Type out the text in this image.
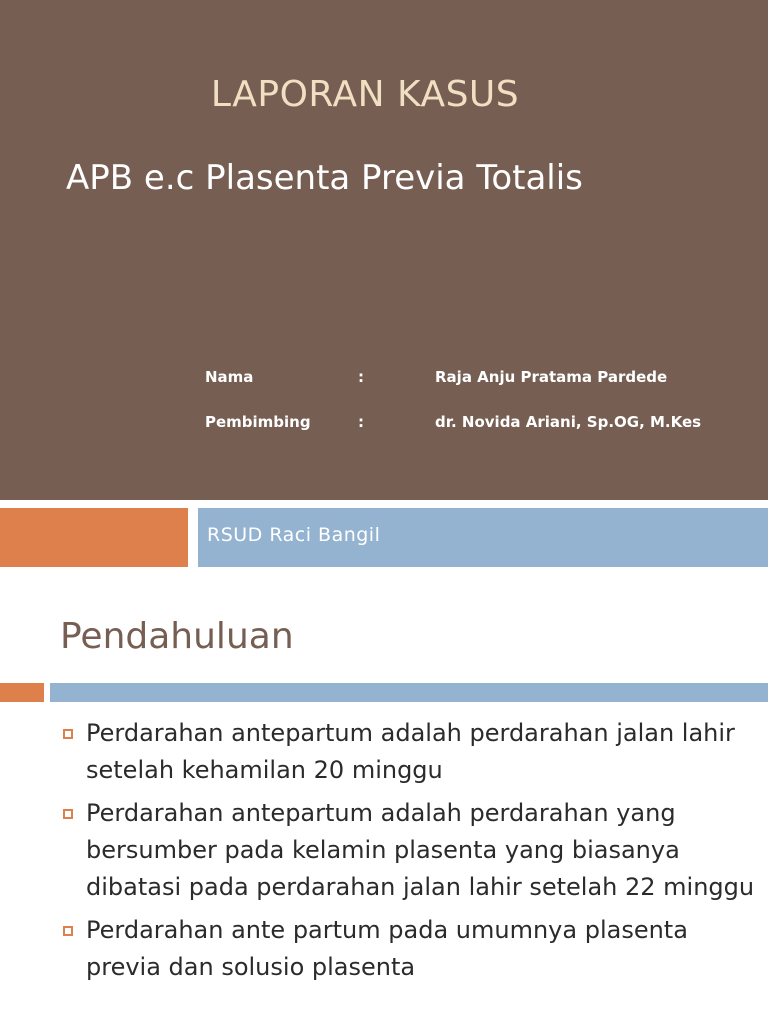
LAPORAN KASUS
APB e.c Plasenta Previa Totalis
Nama	:	Raja Anju Pratama Pardede
Pembimbing	:	dr. Novida Ariani, Sp.OG, M.Kes
RSUD Raci Bangil
Pendahuluan
Perdarahan antepartum adalah perdarahan jalan lahir setelah kehamilan 20 minggu
Perdarahan antepartum adalah perdarahan yang bersumber pada kelamin plasenta yang biasanya dibatasi pada perdarahan jalan lahir setelah 22 minggu
Perdarahan ante partum pada umumnya plasenta previa dan solusio plasenta
